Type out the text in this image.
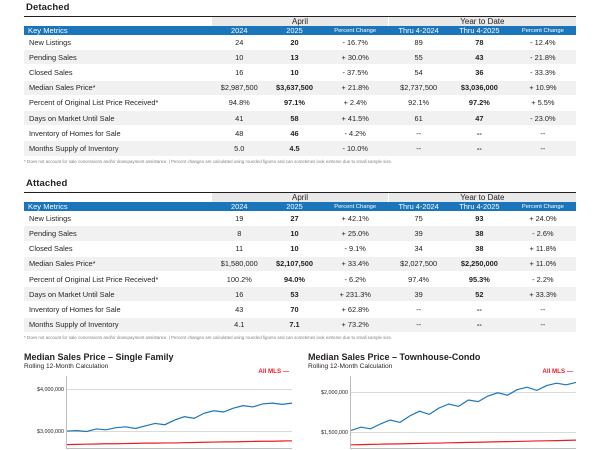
Detached
	April			Year to Date		
Key Metrics	2024	2025	Percent Change	Thru 4-2024	Thru 4-2025	Percent Change
New Listings	24	20	- 16.7%	89	78	- 12.4%
Pending Sales	10	13	+ 30.0%	55	43	- 21.8%
Closed Sales	16	10	- 37.5%	54	36	- 33.3%
Median Sales Price*	$2,987,500	$3,637,500	+ 21.8%	$2,737,500	$3,036,000	+ 10.9%
Percent of Original List Price Received*	94.8%	97.1%	+ 2.4%	92.1%	97.2%	+ 5.5%
Days on Market Until Sale	41	58	+ 41.5%	61	47	- 23.0%
Inventory of Homes for Sale	48	46	- 4.2%	--	--	--
Months Supply of Inventory	5.0	4.5	- 10.0%	--	--	--
* Does not account for sale concessions and/or downpayment assistance. | Percent changes are calculated using rounded figures and can sometimes look extreme due to small sample size.
Attached
	April			Year to Date		
Key Metrics	2024	2025	Percent Change	Thru 4-2024	Thru 4-2025	Percent Change
New Listings	19	27	+ 42.1%	75	93	+ 24.0%
Pending Sales	8	10	+ 25.0%	39	38	- 2.6%
Closed Sales	11	10	- 9.1%	34	38	+ 11.8%
Median Sales Price*	$1,580,000	$2,107,500	+ 33.4%	$2,027,500	$2,250,000	+ 11.0%
Percent of Original List Price Received*	100.2%	94.0%	- 6.2%	97.4%	95.3%	- 2.2%
Days on Market Until Sale	16	53	+ 231.3%	39	52	+ 33.3%
Inventory of Homes for Sale	43	70	+ 62.8%	--	--	--
Months Supply of Inventory	4.1	7.1	+ 73.2%	--	--	--
* Does not account for sale concessions and/or downpayment assistance. | Percent changes are calculated using rounded figures and can sometimes look extreme due to small sample size.
Median Sales Price – Single Family
Rolling 12-Month Calculation
All MLS —
$4,000,000
$3,000,000
Median Sales Price – Townhouse-Condo
Rolling 12-Month Calculation
All MLS —
$2,000,000
$1,500,000
